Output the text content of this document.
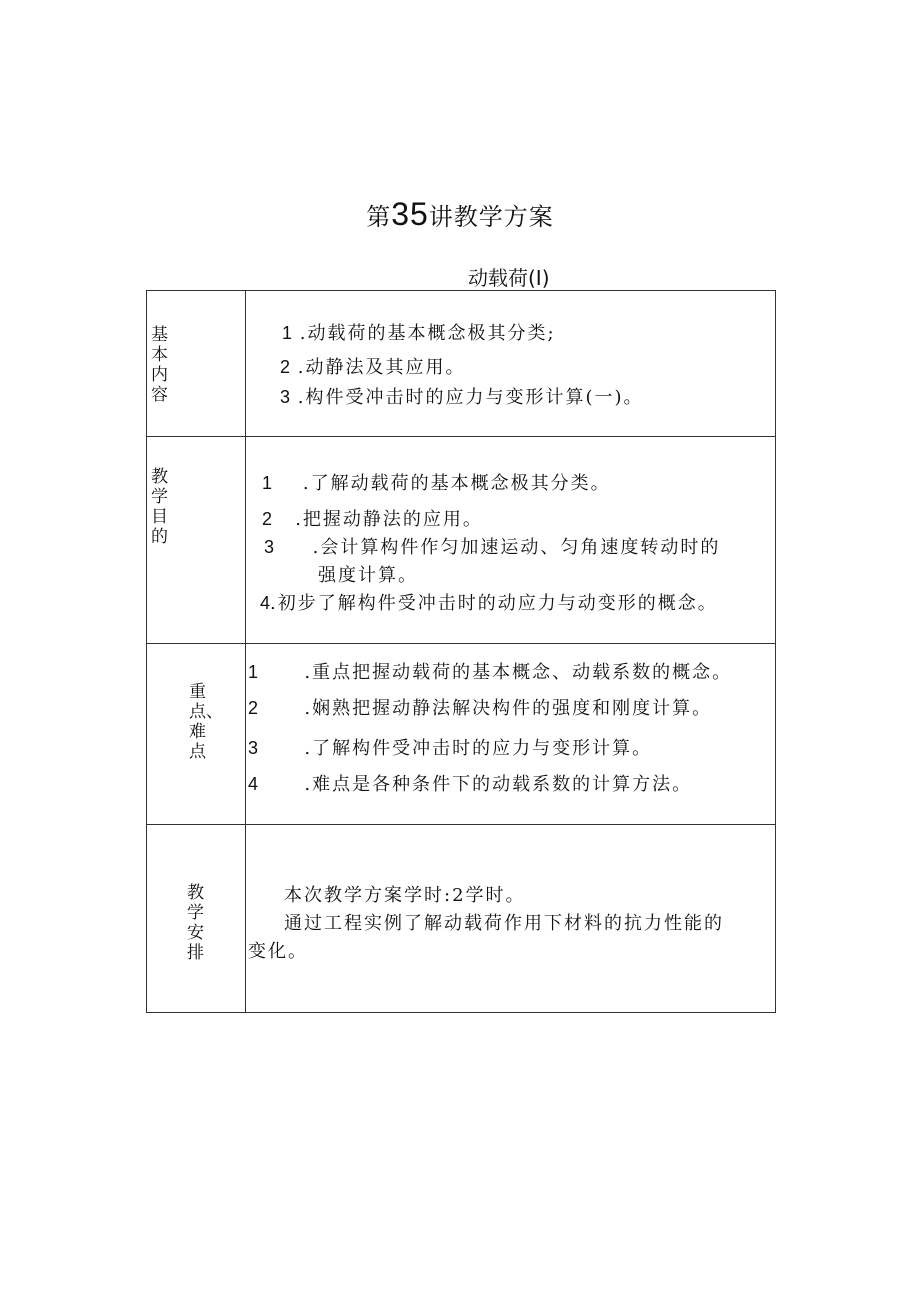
第35讲教学方案
动载荷(I)
基本内容
1 .动载荷的基本概念极其分类;
2 .动静法及其应用。
3 .构件受冲击时的应力与变形计算(一)。
教学目的
1 .了解动载荷的基本概念极其分类。
2 .把握动静法的应用。
3 .会计算构件作匀加速运动、匀角速度转动时的
强度计算。
4.初步了解构件受冲击时的动应力与动变形的概念。
重点、难点
1	.重点把握动载荷的基本概念、动载系数的概念。
2	.娴熟把握动静法解决构件的强度和刚度计算。
3	.了解构件受冲击时的应力与变形计算。
4	.难点是各种条件下的动载系数的计算方法。
教学安排
本次教学方案学时:2学时。
通过工程实例了解动载荷作用下材料的抗力性能的
变化。
